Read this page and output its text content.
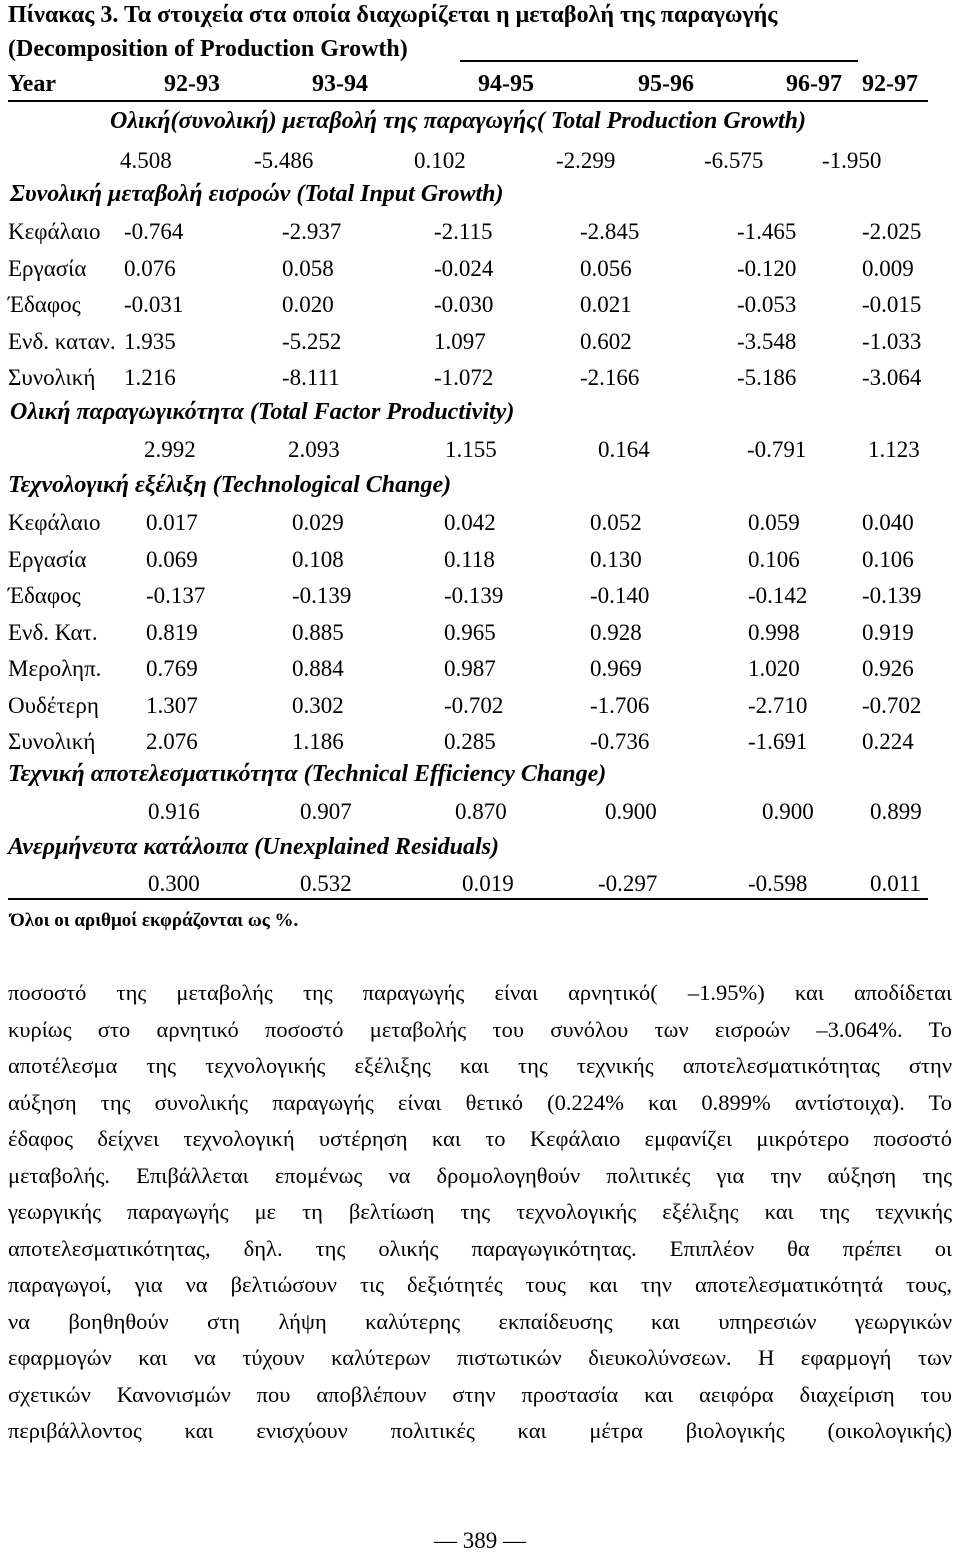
Πίνακας 3. Τα στοιχεία στα οποία διαχωρίζεται η μεταβολή της παραγωγής
(Decomposition of Production Growth)
Year	92-93	93-94	94-95	95-96	96-97 92-97
Ολική(συνολική) μεταβολή της παραγωγής( Total Production Growth)
4.508	-5.486	0.102	-2.299	-6.575	-1.950
Συνολική μεταβολή εισροών (Total Input Growth)
Κεφάλαιο -0.764	-2.937	-2.115	-2.845	-1.465	-2.025
Εργασία 0.076	0.058	-0.024	0.056	-0.120	0.009
Έδαφος -0.031	0.020	-0.030	0.021	-0.053	-0.015
Ενδ. καταν. 1.935	-5.252	1.097	0.602	-3.548	-1.033
Συνολική 1.216	-8.111	-1.072	-2.166	-5.186	-3.064
Ολική παραγωγικότητα (Total Factor Productivity)
2.992	2.093	1.155	0.164	-0.791	1.123
Τεχνολογική εξέλιξη (Technological Change)
Κεφάλαιο 0.017	0.029	0.042	0.052	0.059	0.040
Εργασία	0.069	0.108	0.118	0.130	0.106	0.106
Έδαφος	-0.137	-0.139	-0.139	-0.140	-0.142 -0.139
Ενδ. Κατ. 0.819	0.885	0.965	0.928	0.998	0.919
Μεροληπ. 0.769	0.884	0.987	0.969	1.020	0.926
Ουδέτερη 1.307	0.302	-0.702	-1.706	-2.710 -0.702
Συνολική 2.076	1.186	0.285	-0.736	-1.691 0.224
Τεχνική αποτελεσματικότητα (Technical Efficiency Change)
0.916	0.907	0.870	0.900	0.900 0.899
Ανερμήνευτα κατάλοιπα (Unexplained Residuals)
0.300	0.532	0.019	-0.297	-0.598	0.011
Όλοι οι αριθμοί εκφράζονται ως %.
ποσοστό της μεταβολής της παραγωγής είναι αρνητικό( –1.95%) και αποδίδεται
κυρίως στο αρνητικό ποσοστό μεταβολής του συνόλου των εισροών –3.064%. Το
αποτέλεσμα της τεχνολογικής εξέλιξης και της τεχνικής αποτελεσματικότητας στην
αύξηση της συνολικής παραγωγής είναι θετικό (0.224% και 0.899% αντίστοιχα). Το
έδαφος δείχνει τεχνολογική υστέρηση και το Κεφάλαιο εμφανίζει μικρότερο ποσοστό
μεταβολής. Επιβάλλεται επομένως να δρομολογηθούν πολιτικές για την αύξηση της
γεωργικής παραγωγής με τη βελτίωση της τεχνολογικής εξέλιξης και της τεχνικής
αποτελεσματικότητας, δηλ. της ολικής παραγωγικότητας. Επιπλέον θα πρέπει οι
παραγωγοί, για να βελτιώσουν τις δεξιότητές τους και την αποτελεσματικότητά τους,
να βοηθηθούν στη λήψη καλύτερης εκπαίδευσης και υπηρεσιών γεωργικών
εφαρμογών και να τύχουν καλύτερων πιστωτικών διευκολύνσεων. Η εφαρμογή των
σχετικών Κανονισμών που αποβλέπουν στην προστασία και αειφόρα διαχείριση του
περιβάλλοντος και ενισχύουν πολιτικές και μέτρα βιολογικής (οικολογικής)
— 389 —
